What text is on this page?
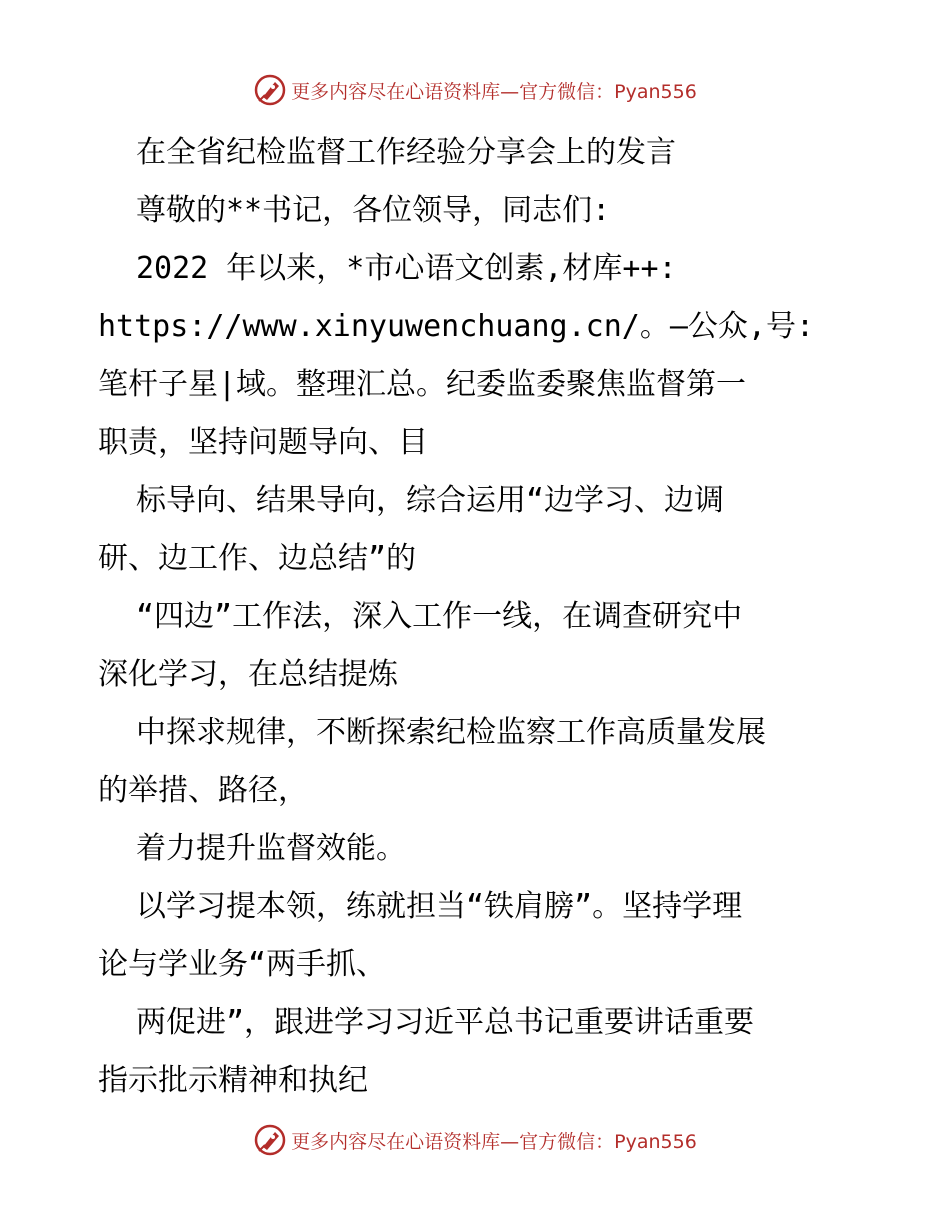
更多内容尽在心语资料库—官方微信：Pyan556
在全省纪检监督工作经验分享会上的发言
尊敬的**书记，各位领导，同志们:
2022 年以来，*市心语文创素,材库++:
https://www.xinyuwenchuang.cn/。—公众,号:
笔杆子星|域。整理汇总。纪委监委聚焦监督第一
职责，坚持问题导向、目
标导向、结果导向，综合运用“边学习、边调
研、边工作、边总结”的
“四边”工作法，深入工作一线，在调查研究中
深化学习，在总结提炼
中探求规律，不断探索纪检监察工作高质量发展
的举措、路径，
着力提升监督效能。
以学习提本领，练就担当“铁肩膀”。坚持学理
论与学业务“两手抓、
两促进”，跟进学习习近平总书记重要讲话重要
指示批示精神和执纪
更多内容尽在心语资料库—官方微信：Pyan556
